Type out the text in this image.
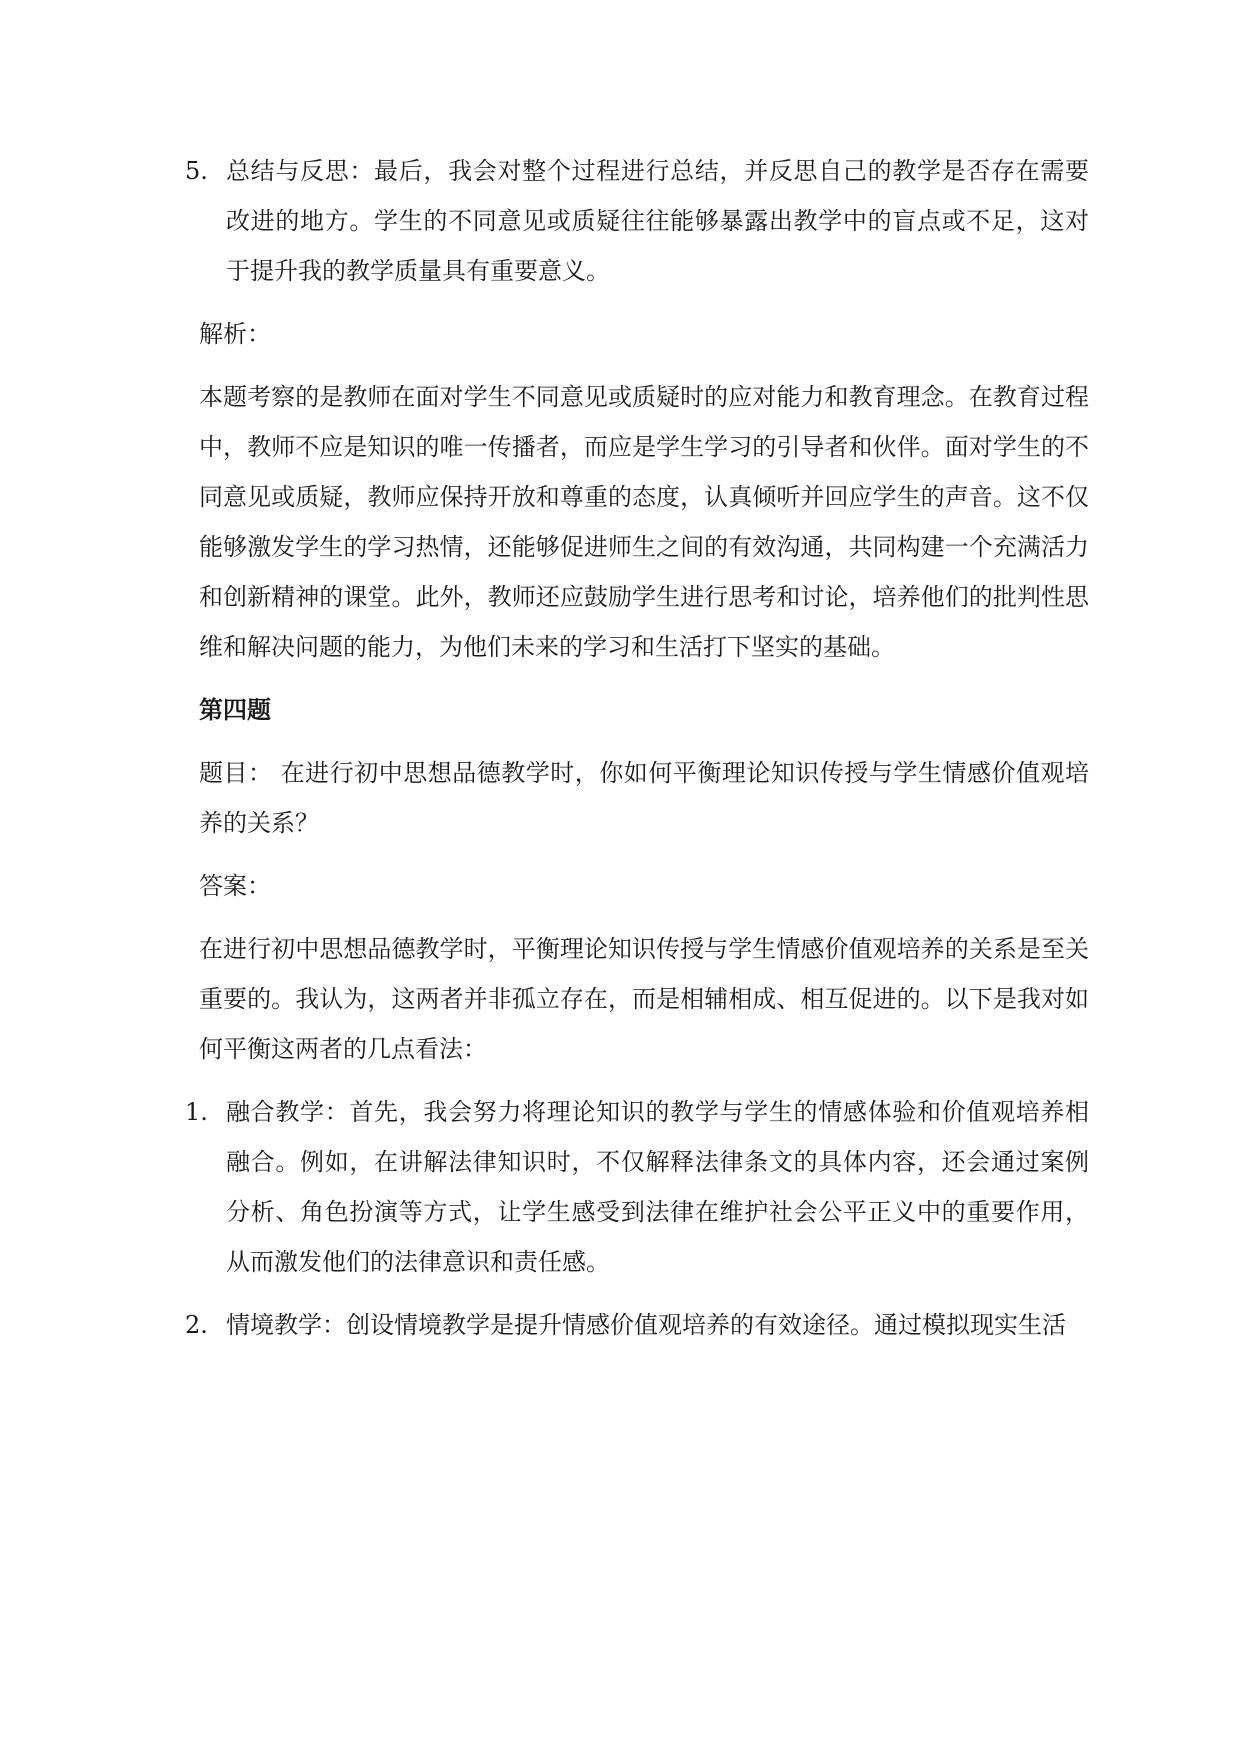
5. 总结与反思：最后，我会对整个过程进行总结，并反思自己的教学是否存在需要改进的地方。学生的不同意见或质疑往往能够暴露出教学中的盲点或不足，这对于提升我的教学质量具有重要意义。
解析：
本题考察的是教师在面对学生不同意见或质疑时的应对能力和教育理念。在教育过程中，教师不应是知识的唯一传播者，而应是学生学习的引导者和伙伴。面对学生的不同意见或质疑，教师应保持开放和尊重的态度，认真倾听并回应学生的声音。这不仅能够激发学生的学习热情，还能够促进师生之间的有效沟通，共同构建一个充满活力和创新精神的课堂。此外，教师还应鼓励学生进行思考和讨论，培养他们的批判性思维和解决问题的能力，为他们未来的学习和生活打下坚实的基础。
第四题
题目： 在进行初中思想品德教学时，你如何平衡理论知识传授与学生情感价值观培养的关系？
答案：
在进行初中思想品德教学时，平衡理论知识传授与学生情感价值观培养的关系是至关重要的。我认为，这两者并非孤立存在，而是相辅相成、相互促进的。以下是我对如何平衡这两者的几点看法：
1. 融合教学：首先，我会努力将理论知识的教学与学生的情感体验和价值观培养相融合。例如，在讲解法律知识时，不仅解释法律条文的具体内容，还会通过案例分析、角色扮演等方式，让学生感受到法律在维护社会公平正义中的重要作用，从而激发他们的法律意识和责任感。
2. 情境教学：创设情境教学是提升情感价值观培养的有效途径。通过模拟现实生活
